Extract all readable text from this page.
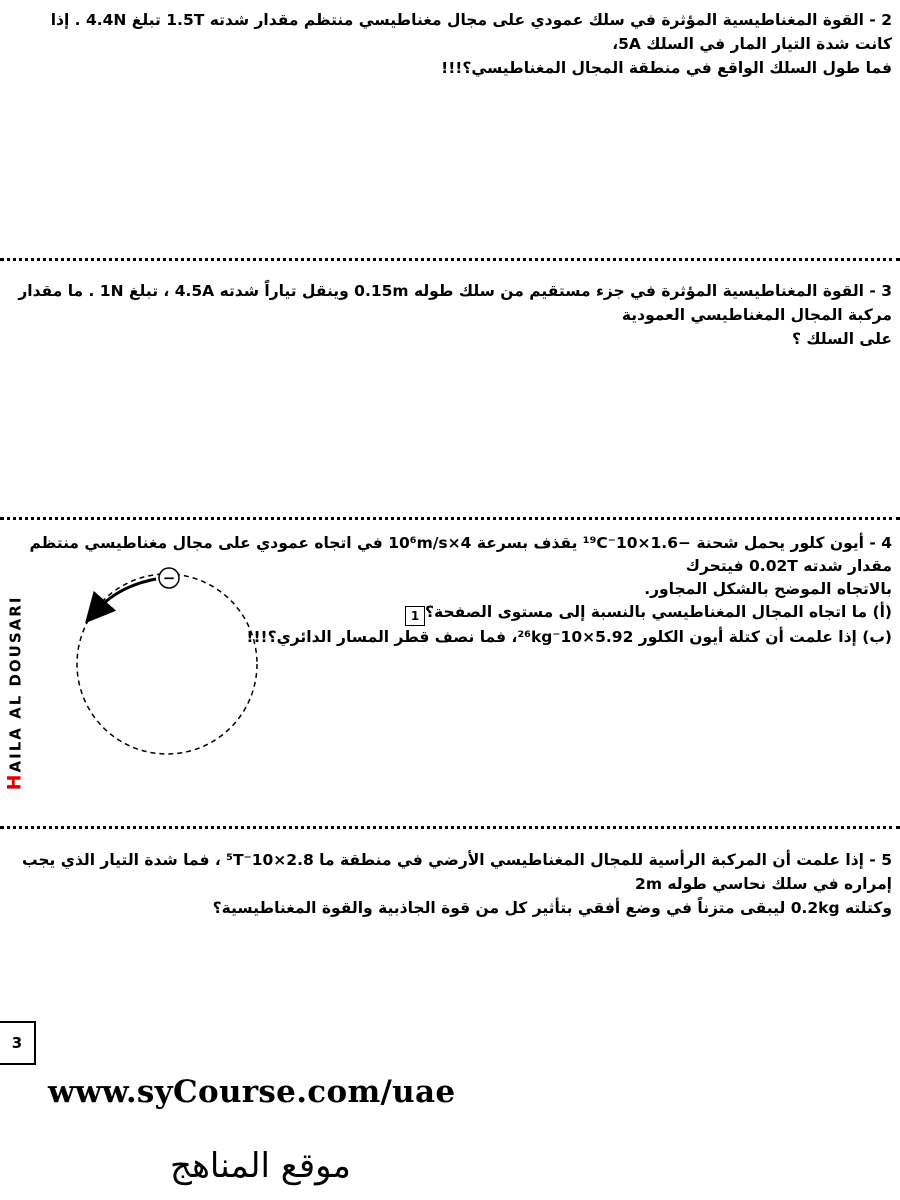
2 - القوة المغناطيسية المؤثرة في سلك عمودي على مجال مغناطيسي منتظم مقدار شدته 1.5T تبلغ 4.4N . إذا كانت شدة التيار المار في السلك 5A،

فما طول السلك الواقع في منطقة المجال المغناطيسي؟!!!

3 - القوة المغناطيسية المؤثرة في جزء مستقيم من سلك طوله 0.15m وينقل تياراً شدته 4.5A ، تبلغ 1N . ما مقدار مركبة المجال المغناطيسي العمودية

على السلك ؟

4 - أيون كلور يحمل شحنة −1.6×10⁻¹⁹C يقذف بسرعة 4×10⁶m/s في اتجاه عمودي على مجال مغناطيسي منتظم مقدار شدته 0.02T فيتحرك

بالاتجاه الموضح بالشكل المجاور.

(أ) ما اتجاه المجال المغناطيسي بالنسبة إلى مستوى الصفحة؟1

(ب) إذا علمت أن كتلة أيون الكلور 5.92×10⁻²⁶kg، فما نصف قطر المسار الدائري؟!!!

−
HAILA AL DOUSARI

5 - إذا علمت أن المركبة الرأسية للمجال المغناطيسي الأرضي في منطقة ما 2.8×10⁻⁵T ، فما شدة التيار الذي يجب إمراره في سلك نحاسي طوله 2m

وكتلته 0.2kg ليبقى متزناً في وضع أفقي بتأثير كل من قوة الجاذبية والقوة المغناطيسية؟

3
www.syCourse.com/uae
موقع المناهج
